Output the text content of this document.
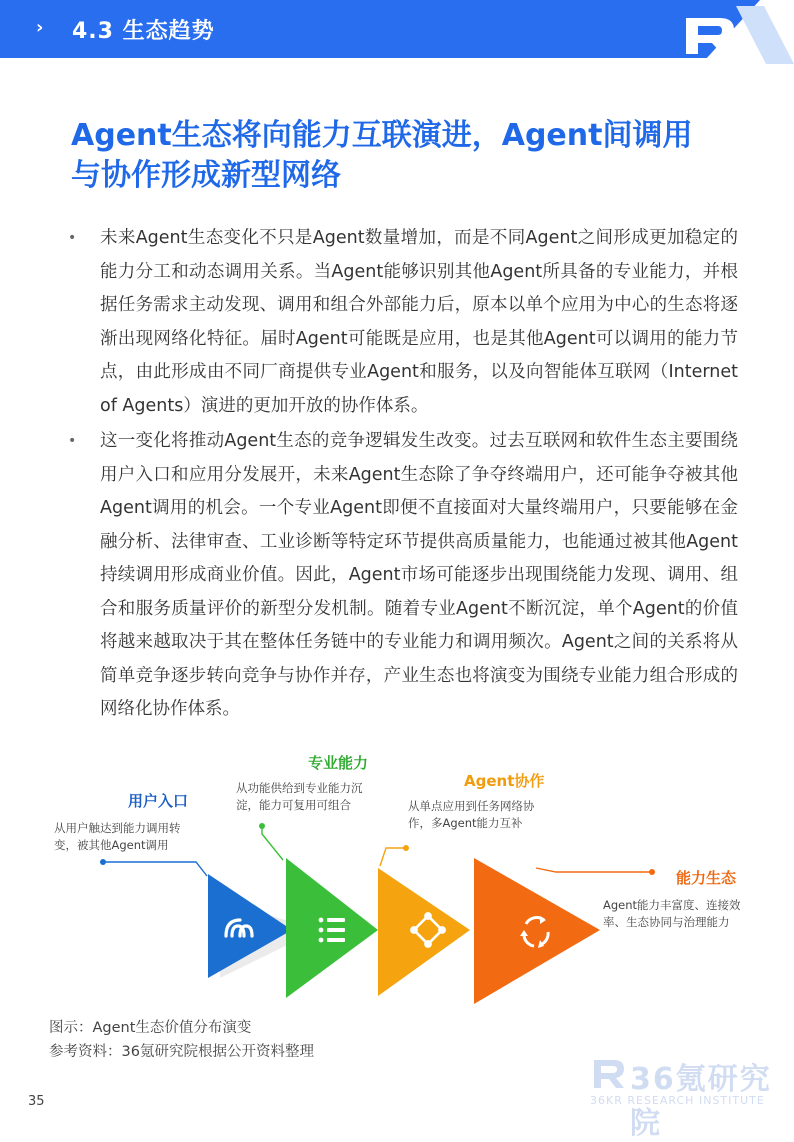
› 4.3 生态趋势
Agent生态将向能力互联演进，Agent间调用
与协作形成新型网络
• 未来Agent生态变化不只是Agent数量增加，而是不同Agent之间形成更加稳定的能力分工和动态调用关系。当Agent能够识别其他Agent所具备的专业能力，并根据任务需求主动发现、调用和组合外部能力后，原本以单个应用为中心的生态将逐渐出现网络化特征。届时Agent可能既是应用，也是其他Agent可以调用的能力节点，由此形成由不同厂商提供专业Agent和服务，以及向智能体互联网（Internet of Agents）演进的更加开放的协作体系。
• 这一变化将推动Agent生态的竞争逻辑发生改变。过去互联网和软件生态主要围绕用户入口和应用分发展开，未来Agent生态除了争夺终端用户，还可能争夺被其他Agent调用的机会。一个专业Agent即便不直接面对大量终端用户，只要能够在金融分析、法律审查、工业诊断等特定环节提供高质量能力，也能通过被其他Agent持续调用形成商业价值。因此，Agent市场可能逐步出现围绕能力发现、调用、组合和服务质量评价的新型分发机制。随着专业Agent不断沉淀，单个Agent的价值将越来越取决于其在整体任务链中的专业能力和调用频次。Agent之间的关系将从简单竞争逐步转向竞争与协作并存，产业生态也将演变为围绕专业能力组合形成的网络化协作体系。
用户入口
从用户触达到能力调用转
变，被其他Agent调用
专业能力
从功能供给到专业能力沉
淀，能力可复用可组合
Agent协作
从单点应用到任务网络协
作，多Agent能力互补
能力生态
Agent能力丰富度、连接效
率、生态协同与治理能力
图示：Agent生态价值分布演变
参考资料：36氪研究院根据公开资料整理
36氪研究院
36KR RESEARCH INSTITUTE
35
